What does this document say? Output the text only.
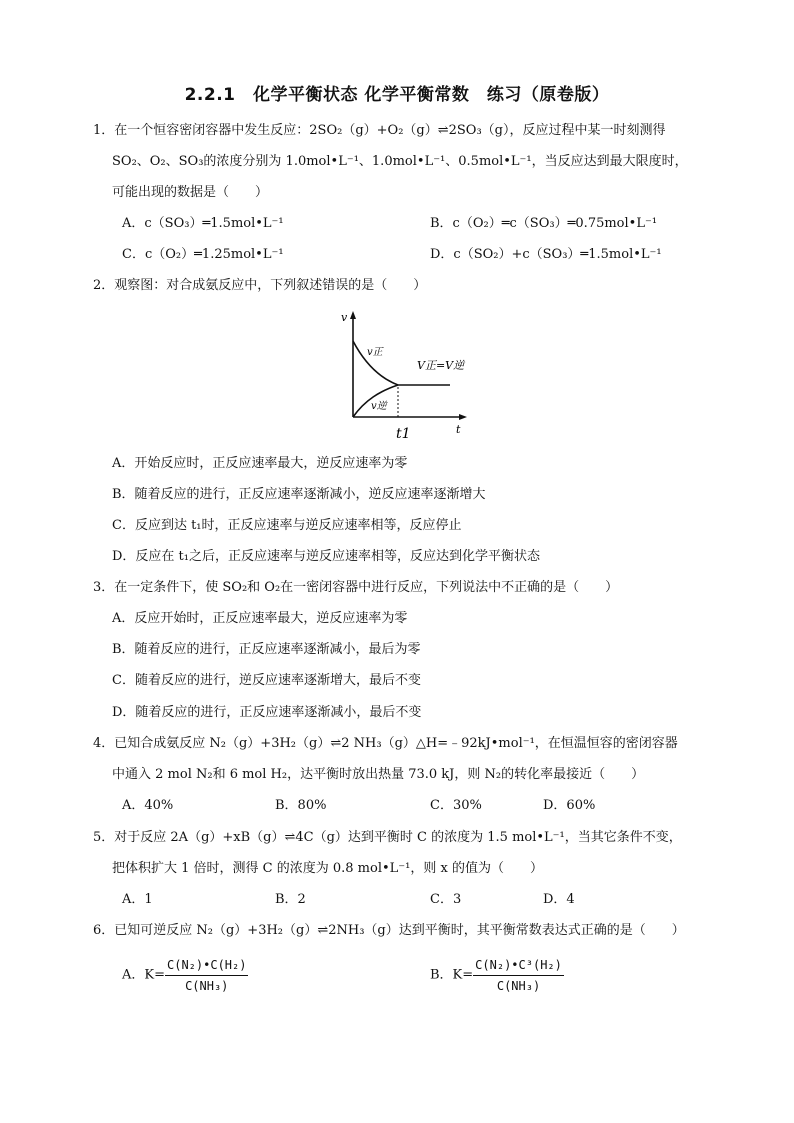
2.2.1　化学平衡状态 化学平衡常数　练习（原卷版）
1．在一个恒容密闭容器中发生反应：2SO₂（g）+O₂（g）⇌2SO₃（g），反应过程中某一时刻测得
SO₂、O₂、SO₃的浓度分别为 1.0mol•L⁻¹、1.0mol•L⁻¹、0.5mol•L⁻¹，当反应达到最大限度时，
可能出现的数据是（　　）
A．c（SO₃）═1.5mol•L⁻¹	B．c（O₂）═c（SO₃）═0.75mol•L⁻¹
C．c（O₂）═1.25mol•L⁻¹	D．c（SO₂）+c（SO₃）═1.5mol•L⁻¹
2．观察图：对合成氨反应中，下列叙述错误的是（　　）
v
t
v正
v逆
V正=V逆
t1
A．开始反应时，正反应速率最大，逆反应速率为零
B．随着反应的进行，正反应速率逐渐减小，逆反应速率逐渐增大
C．反应到达 t₁时，正反应速率与逆反应速率相等，反应停止
D．反应在 t₁之后，正反应速率与逆反应速率相等，反应达到化学平衡状态
3．在一定条件下，使 SO₂和 O₂在一密闭容器中进行反应，下列说法中不正确的是（　　）
A．反应开始时，正反应速率最大，逆反应速率为零
B．随着反应的进行，正反应速率逐渐减小，最后为零
C．随着反应的进行，逆反应速率逐渐增大，最后不变
D．随着反应的进行，正反应速率逐渐减小，最后不变
4．已知合成氨反应 N₂（g）+3H₂（g）⇌2 NH₃（g）△H=﹣92kJ•mol⁻¹，在恒温恒容的密闭容器
中通入 2 mol N₂和 6 mol H₂，达平衡时放出热量 73.0 kJ，则 N₂的转化率最接近（　　）
A．40%	B．80%	C．30%	D．60%
5．对于反应 2A（g）+xB（g）⇌4C（g）达到平衡时 C 的浓度为 1.5 mol•L⁻¹，当其它条件不变，
把体积扩大 1 倍时，测得 C 的浓度为 0.8 mol•L⁻¹，则 x 的值为（　　）
A．1	B．2	C．3	D．4
6．已知可逆反应 N₂（g）+3H₂（g）⇌2NH₃（g）达到平衡时，其平衡常数表达式正确的是（　　）
A．$K= \frac{\text{C(N₂)•C(H₂)}}{\text{C(NH₃)}}$	B．$K= \frac{\text{C(N₂)•C³(H₂)}}{\text{C(NH₃)}}$
